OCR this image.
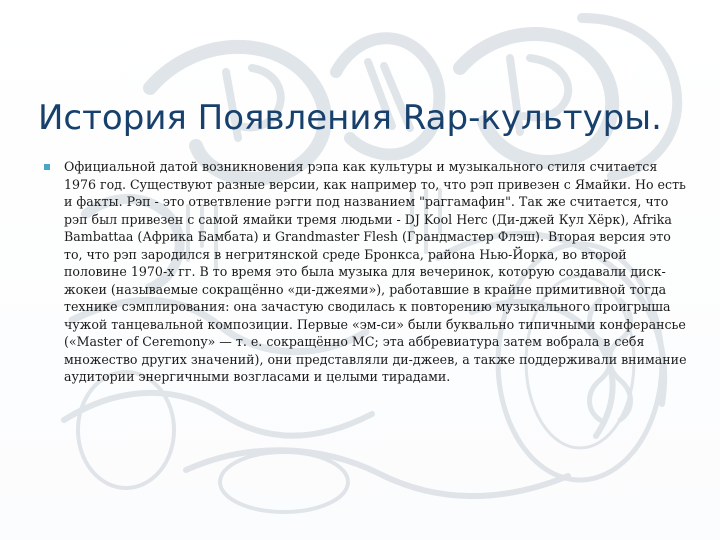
История Появления Rap-культуры.

Официальной датой возникновения рэпа как культуры и музыкального стиля считается 1976 год. Существуют разные версии, как например то, что рэп привезен с Ямайки. Но есть и факты. Рэп - это ответвление рэгги под названием "раггамафин". Так же считается, что рэп был привезен с самой ямайки тремя людьми - DJ Kool Herc (Ди-джей Кул Хёрк), Afrika Bambattaa (Африка Бамбата) и Grandmaster Flesh (Грандмастер Флэш). Вторая версия это то, что рэп зародился в негритянской среде Бронкса, района Нью-Йорка, во второй половине 1970-х гг. В то время это была музыка для вечеринок, которую создавали диск-жокеи (называемые сокращённо «ди-джеями»), работавшие в крайне примитивной тогда технике сэмплирования: она зачастую сводилась к повторению музыкального проигрыша чужой танцевальной композиции. Первые «эм-си» были буквально типичными конферансье («Master of Ceremony» — т. е. сокращённо MC; эта аббревиатура затем вобрала в себя множество других значений), они представляли ди-джеев, а также поддерживали внимание аудитории энергичными возгласами и целыми тирадами.
